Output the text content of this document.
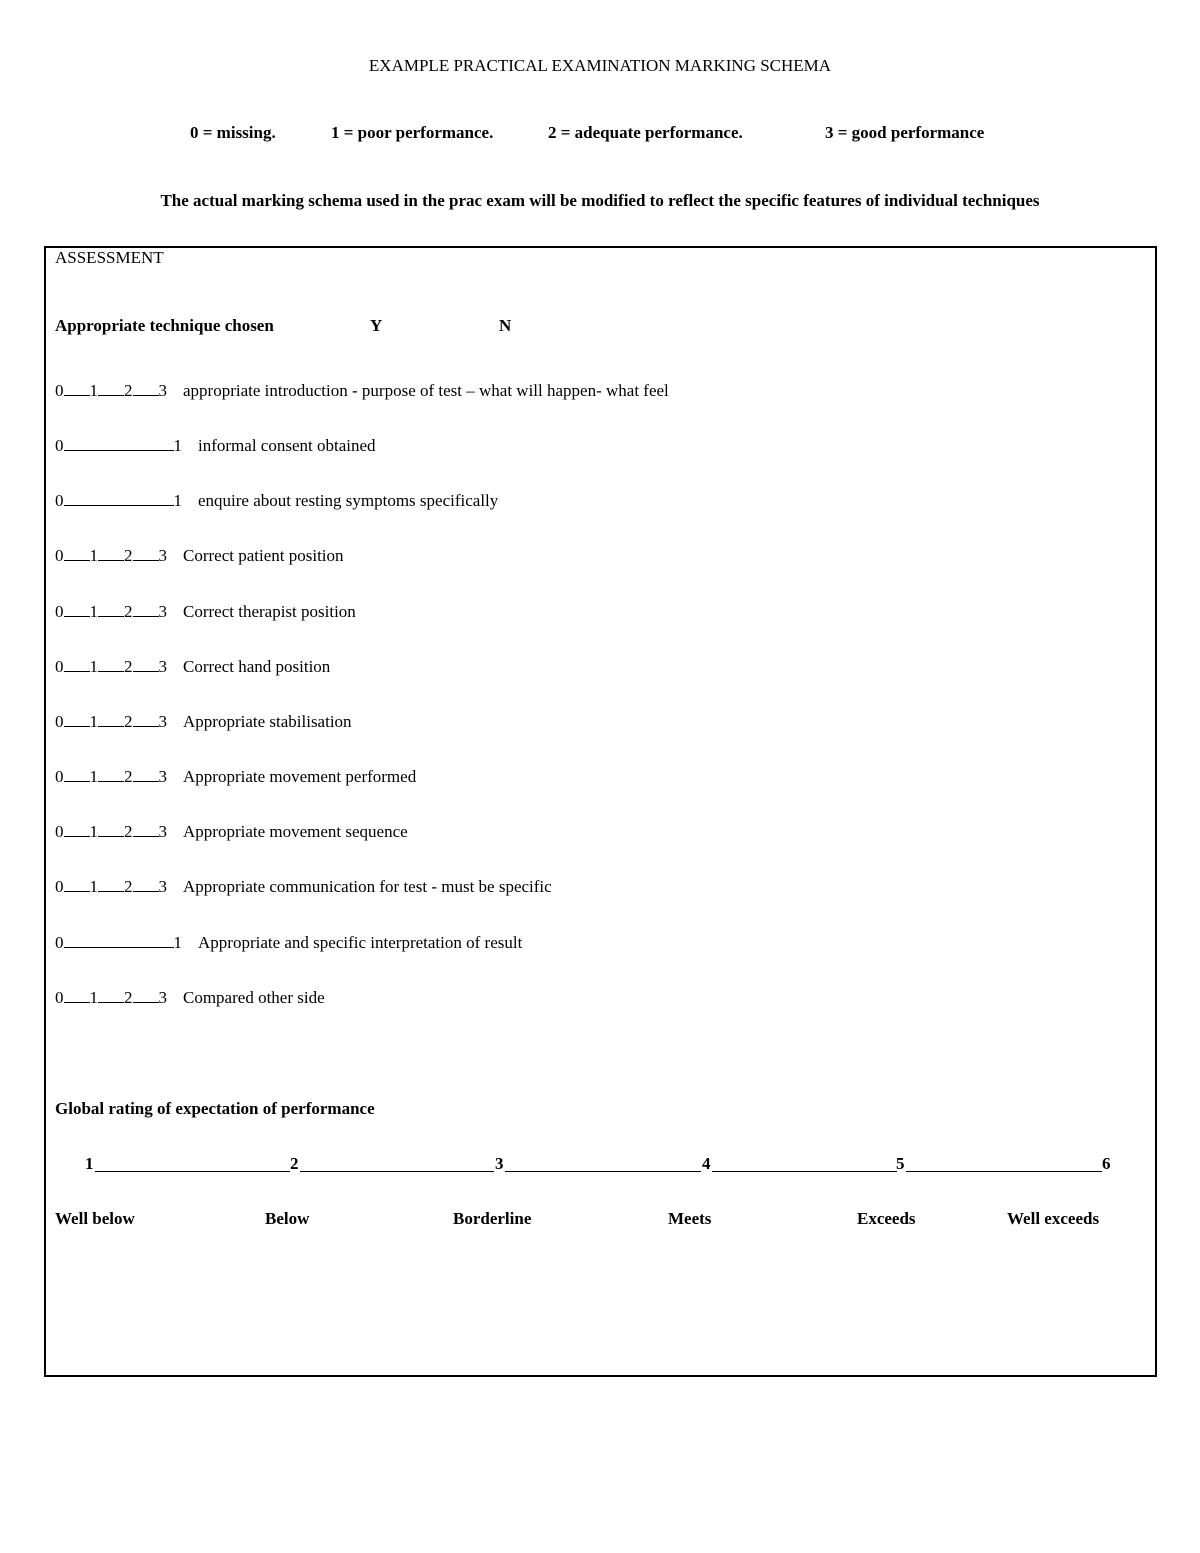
EXAMPLE PRACTICAL EXAMINATION MARKING SCHEMA
0 = missing.	1 = poor performance.	2 = adequate performance.	3 = good performance
The actual marking schema used in the prac exam will be modified to reflect the specific features of individual techniques
ASSESSMENT
Appropriate technique chosen	Y	N
0 1 2 3 appropriate introduction - purpose of test – what will happen- what feel
0	1 informal consent obtained
0	1 enquire about resting symptoms specifically
0 1 2 3 Correct patient position
0 1 2 3 Correct therapist position
0 1 2 3 Correct hand position
0 1 2 3 Appropriate stabilisation
0 1 2 3 Appropriate movement performed
0 1 2 3 Appropriate movement sequence
0 1 2 3 Appropriate communication for test - must be specific
0	1 Appropriate and specific interpretation of result
0 1 2 3 Compared other side
Global rating of expectation of performance
1	2	3	4	5	6
Well below	Below	Borderline	Meets	Exceeds	Well exceeds
